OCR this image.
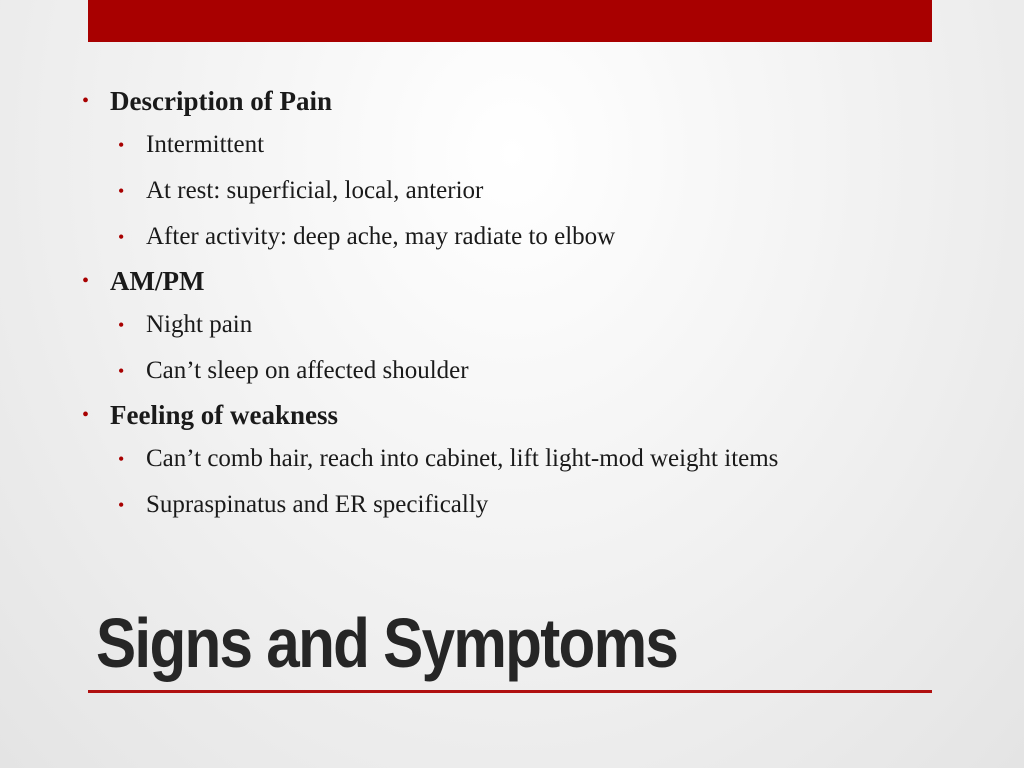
• Description of Pain
• Intermittent
• At rest: superficial, local, anterior
• After activity: deep ache, may radiate to elbow
• AM/PM
• Night pain
• Can’t sleep on affected shoulder
• Feeling of weakness
• Can’t comb hair, reach into cabinet, lift light-mod weight items
• Supraspinatus and ER specifically
Signs and Symptoms
